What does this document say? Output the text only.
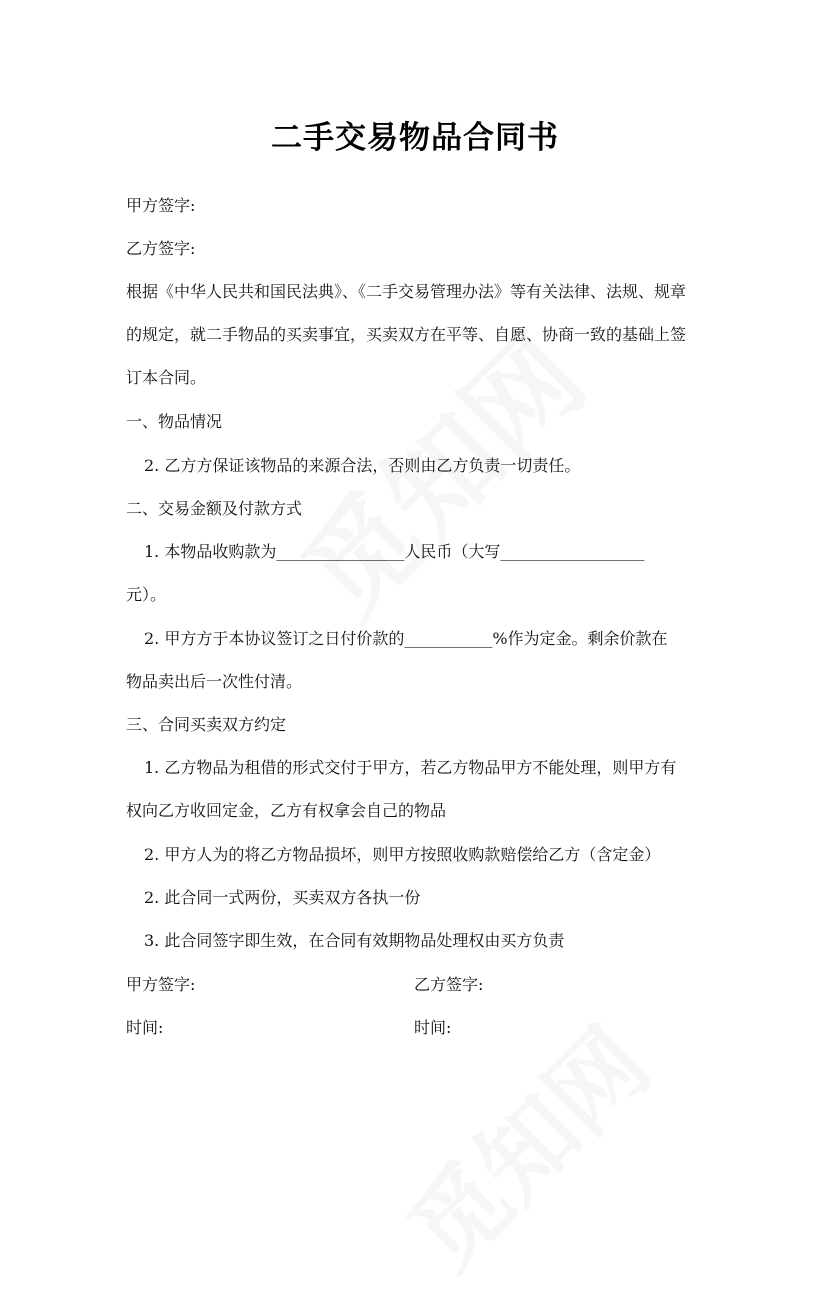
二手交易物品合同书
甲方签字:
乙方签字:
根据《中华人民共和国民法典》、《二手交易管理办法》等有关法律、法规、规章
的规定，就二手物品的买卖事宜，买卖双方在平等、自愿、协商一致的基础上签
订本合同。
一、物品情况
2. 乙方方保证该物品的来源合法，否则由乙方负责一切责任。
二、交易金额及付款方式
1. 本物品收购款为________________人民币（大写__________________
元）。
2. 甲方方于本协议签订之日付价款的___________%作为定金。剩余价款在
物品卖出后一次性付清。
三、合同买卖双方约定
1. 乙方物品为租借的形式交付于甲方，若乙方物品甲方不能处理，则甲方有
权向乙方收回定金，乙方有权拿会自己的物品
2. 甲方人为的将乙方物品损坏，则甲方按照收购款赔偿给乙方（含定金）
2. 此合同一式两份，买卖双方各执一份
3. 此合同签字即生效，在合同有效期物品处理权由买方负责
甲方签字:	乙方签字:
时间:	时间:
